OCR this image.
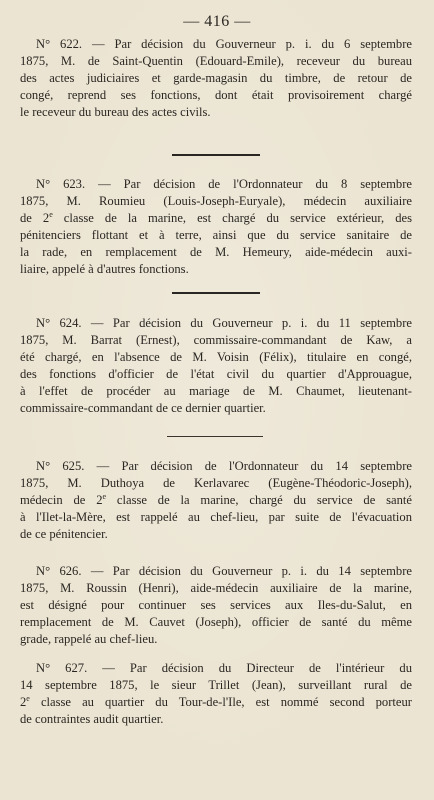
— 416 —
N° 622. — Par décision du Gouverneur p. i. du 6 septembre
1875, M. de Saint-Quentin (Edouard-Emile), receveur du bureau
des actes judiciaires et garde-magasin du timbre, de retour de
congé, reprend ses fonctions, dont était provisoirement chargé
le receveur du bureau des actes civils.
N° 623. — Par décision de l'Ordonnateur du 8 septembre
1875, M. Roumieu (Louis-Joseph-Euryale), médecin auxiliaire
de 2e classe de la marine, est chargé du service extérieur, des
pénitenciers flottant et à terre, ainsi que du service sanitaire de
la rade, en remplacement de M. Hemeury, aide-médecin auxi-
liaire, appelé à d'autres fonctions.
N° 624. — Par décision du Gouverneur p. i. du 11 septembre
1875, M. Barrat (Ernest), commissaire-commandant de Kaw, a
été chargé, en l'absence de M. Voisin (Félix), titulaire en congé,
des fonctions d'officier de l'état civil du quartier d'Approuague,
à l'effet de procéder au mariage de M. Chaumet, lieutenant-
commissaire-commandant de ce dernier quartier.
N° 625. — Par décision de l'Ordonnateur du 14 septembre
1875, M. Duthoya de Kerlavarec (Eugène-Théodoric-Joseph),
médecin de 2e classe de la marine, chargé du service de santé
à l'Ilet-la-Mère, est rappelé au chef-lieu, par suite de l'évacuation
de ce pénitencier.
N° 626. — Par décision du Gouverneur p. i. du 14 septembre
1875, M. Roussin (Henri), aide-médecin auxiliaire de la marine,
est désigné pour continuer ses services aux Iles-du-Salut, en
remplacement de M. Cauvet (Joseph), officier de santé du même
grade, rappelé au chef-lieu.
N° 627. — Par décision du Directeur de l'intérieur du
14 septembre 1875, le sieur Trillet (Jean), surveillant rural de
2e classe au quartier du Tour-de-l'Ile, est nommé second porteur
de contraintes audit quartier.
